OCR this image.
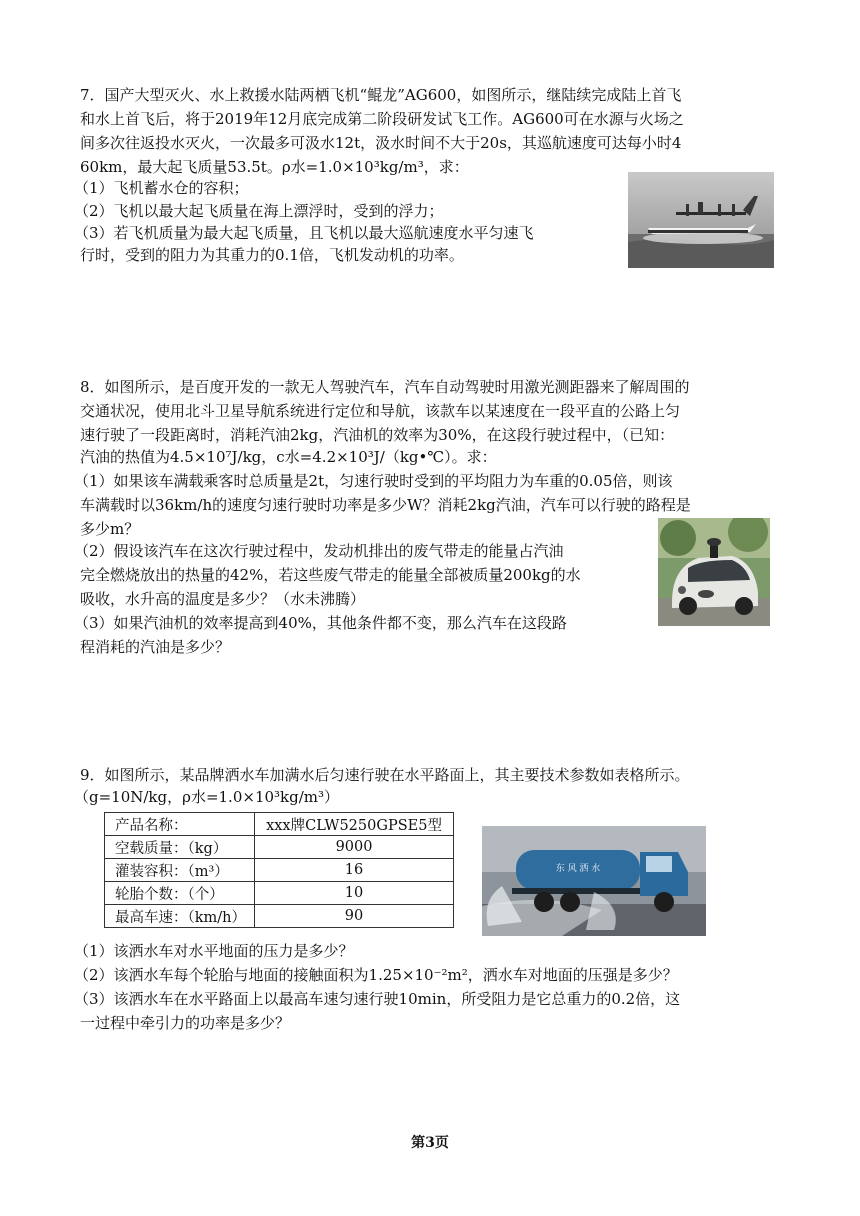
7．国产大型灭火、水上救援水陆两栖飞机“鲲龙”AG600，如图所示，继陆续完成陆上首飞
和水上首飞后，将于2019年12月底完成第二阶段研发试飞工作。AG600可在水源与火场之
间多次往返投水灭火，一次最多可汲水12t，汲水时间不大于20s，其巡航速度可达每小时4
60km，最大起飞质量53.5t。ρ水=1.0×10³kg/m³，求：
（1）飞机蓄水仓的容积；
（2）飞机以最大起飞质量在海上漂浮时，受到的浮力；
（3）若飞机质量为最大起飞质量，且飞机以最大巡航速度水平匀速飞
行时，受到的阻力为其重力的0.1倍，飞机发动机的功率。
8．如图所示，是百度开发的一款无人驾驶汽车，汽车自动驾驶时用激光测距器来了解周围的
交通状况，使用北斗卫星导航系统进行定位和导航，该款车以某速度在一段平直的公路上匀
速行驶了一段距离时，消耗汽油2kg，汽油机的效率为30%，在这段行驶过程中，（已知：
汽油的热值为4.5×10⁷J/kg，c水=4.2×10³J/（kg•℃）。求：
（1）如果该车满载乘客时总质量是2t，匀速行驶时受到的平均阻力为车重的0.05倍，则该
车满载时以36km/h的速度匀速行驶时功率是多少W？消耗2kg汽油，汽车可以行驶的路程是
多少m？
（2）假设该汽车在这次行驶过程中，发动机排出的废气带走的能量占汽油
完全燃烧放出的热量的42%，若这些废气带走的能量全部被质量200kg的水
吸收，水升高的温度是多少？（水未沸腾）
（3）如果汽油机的效率提高到40%，其他条件都不变，那么汽车在这段路
程消耗的汽油是多少？
9．如图所示，某品牌洒水车加满水后匀速行驶在水平路面上，其主要技术参数如表格所示。
（g=10N/kg，ρ水=1.0×10³kg/m³）
产品名称：	xxx牌CLW5250GPSE5型
空载质量：（kg）	9000
灌装容积：（m³）	16
轮胎个数：（个）	10
最高车速：（km/h）	90
东 风 洒 水
（1）该洒水车对水平地面的压力是多少？
（2）该洒水车每个轮胎与地面的接触面积为1.25×10⁻²m²，洒水车对地面的压强是多少？
（3）该洒水车在水平路面上以最高车速匀速行驶10min，所受阻力是它总重力的0.2倍，这
一过程中牵引力的功率是多少？
第3页
